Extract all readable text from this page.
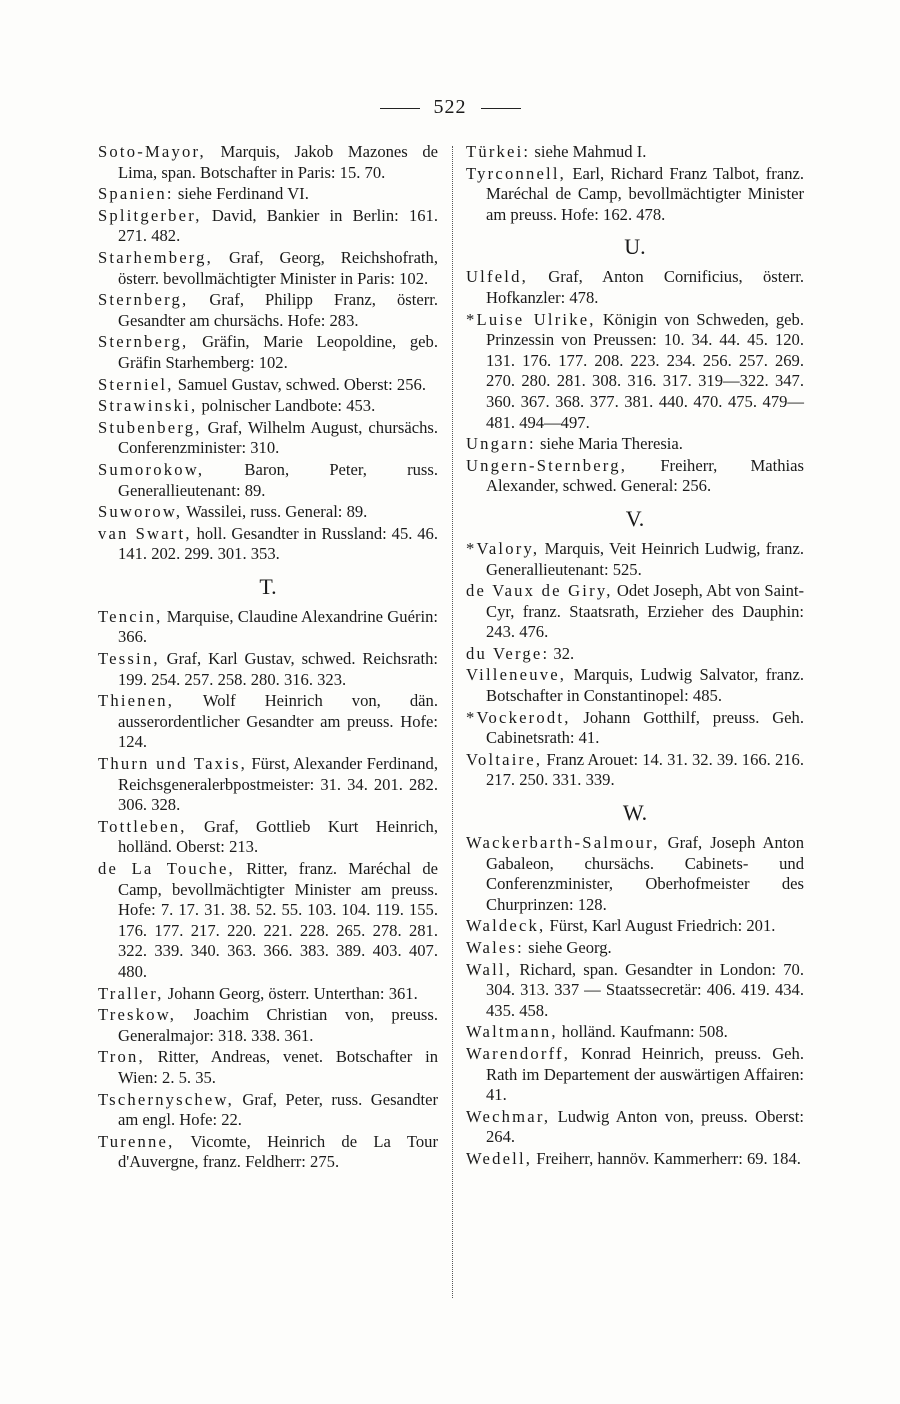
522
Soto-Mayor, Marquis, Jakob Mazones de Lima, span. Botschafter in Paris: 15. 70.
Spanien: siehe Ferdinand VI.
Splitgerber, David, Bankier in Berlin: 161. 271. 482.
Starhemberg, Graf, Georg, Reichshofrath, österr. bevollmächtigter Minister in Paris: 102.
Sternberg, Graf, Philipp Franz, österr. Gesandter am chursächs. Hofe: 283.
Sternberg, Gräfin, Marie Leopoldine, geb. Gräfin Starhemberg: 102.
Sterniel, Samuel Gustav, schwed. Oberst: 256.
Strawinski, polnischer Landbote: 453.
Stubenberg, Graf, Wilhelm August, chursächs. Conferenzminister: 310.
Sumorokow, Baron, Peter, russ. Generallieutenant: 89.
Suworow, Wassilei, russ. General: 89.
van Swart, holl. Gesandter in Russland: 45. 46. 141. 202. 299. 301. 353.
T.
Tencin, Marquise, Claudine Alexandrine Guérin: 366.
Tessin, Graf, Karl Gustav, schwed. Reichsrath: 199. 254. 257. 258. 280. 316. 323.
Thienen, Wolf Heinrich von, dän. ausserordentlicher Gesandter am preuss. Hofe: 124.
Thurn und Taxis, Fürst, Alexander Ferdinand, Reichsgeneralerbpostmeister: 31. 34. 201. 282. 306. 328.
Tottleben, Graf, Gottlieb Kurt Heinrich, holländ. Oberst: 213.
de La Touche, Ritter, franz. Maréchal de Camp, bevollmächtigter Minister am preuss. Hofe: 7. 17. 31. 38. 52. 55. 103. 104. 119. 155. 176. 177. 217. 220. 221. 228. 265. 278. 281. 322. 339. 340. 363. 366. 383. 389. 403. 407. 480.
Traller, Johann Georg, österr. Unterthan: 361.
Treskow, Joachim Christian von, preuss. Generalmajor: 318. 338. 361.
Tron, Ritter, Andreas, venet. Botschafter in Wien: 2. 5. 35.
Tschernyschew, Graf, Peter, russ. Gesandter am engl. Hofe: 22.
Turenne, Vicomte, Heinrich de La Tour d'Auvergne, franz. Feldherr: 275.
Türkei: siehe Mahmud I.
Tyrconnell, Earl, Richard Franz Talbot, franz. Maréchal de Camp, bevollmächtigter Minister am preuss. Hofe: 162. 478.
U.
Ulfeld, Graf, Anton Cornificius, österr. Hofkanzler: 478.
*Luise Ulrike, Königin von Schweden, geb. Prinzessin von Preussen: 10. 34. 44. 45. 120. 131. 176. 177. 208. 223. 234. 256. 257. 269. 270. 280. 281. 308. 316. 317. 319—322. 347. 360. 367. 368. 377. 381. 440. 470. 475. 479—481. 494—497.
Ungarn: siehe Maria Theresia.
Ungern-Sternberg, Freiherr, Mathias Alexander, schwed. General: 256.
V.
*Valory, Marquis, Veit Heinrich Ludwig, franz. Generallieutenant: 525.
de Vaux de Giry, Odet Joseph, Abt von Saint-Cyr, franz. Staatsrath, Erzieher des Dauphin: 243. 476.
du Verge: 32.
Villeneuve, Marquis, Ludwig Salvator, franz. Botschafter in Constantinopel: 485.
*Vockerodt, Johann Gotthilf, preuss. Geh. Cabinetsrath: 41.
Voltaire, Franz Arouet: 14. 31. 32. 39. 166. 216. 217. 250. 331. 339.
W.
Wackerbarth-Salmour, Graf, Joseph Anton Gabaleon, chursächs. Cabinets- und Conferenzminister, Oberhofmeister des Churprinzen: 128.
Waldeck, Fürst, Karl August Friedrich: 201.
Wales: siehe Georg.
Wall, Richard, span. Gesandter in London: 70. 304. 313. 337 — Staatssecretär: 406. 419. 434. 435. 458.
Waltmann, holländ. Kaufmann: 508.
Warendorff, Konrad Heinrich, preuss. Geh. Rath im Departement der auswärtigen Affairen: 41.
Wechmar, Ludwig Anton von, preuss. Oberst: 264.
Wedell, Freiherr, hannöv. Kammerherr: 69. 184.
